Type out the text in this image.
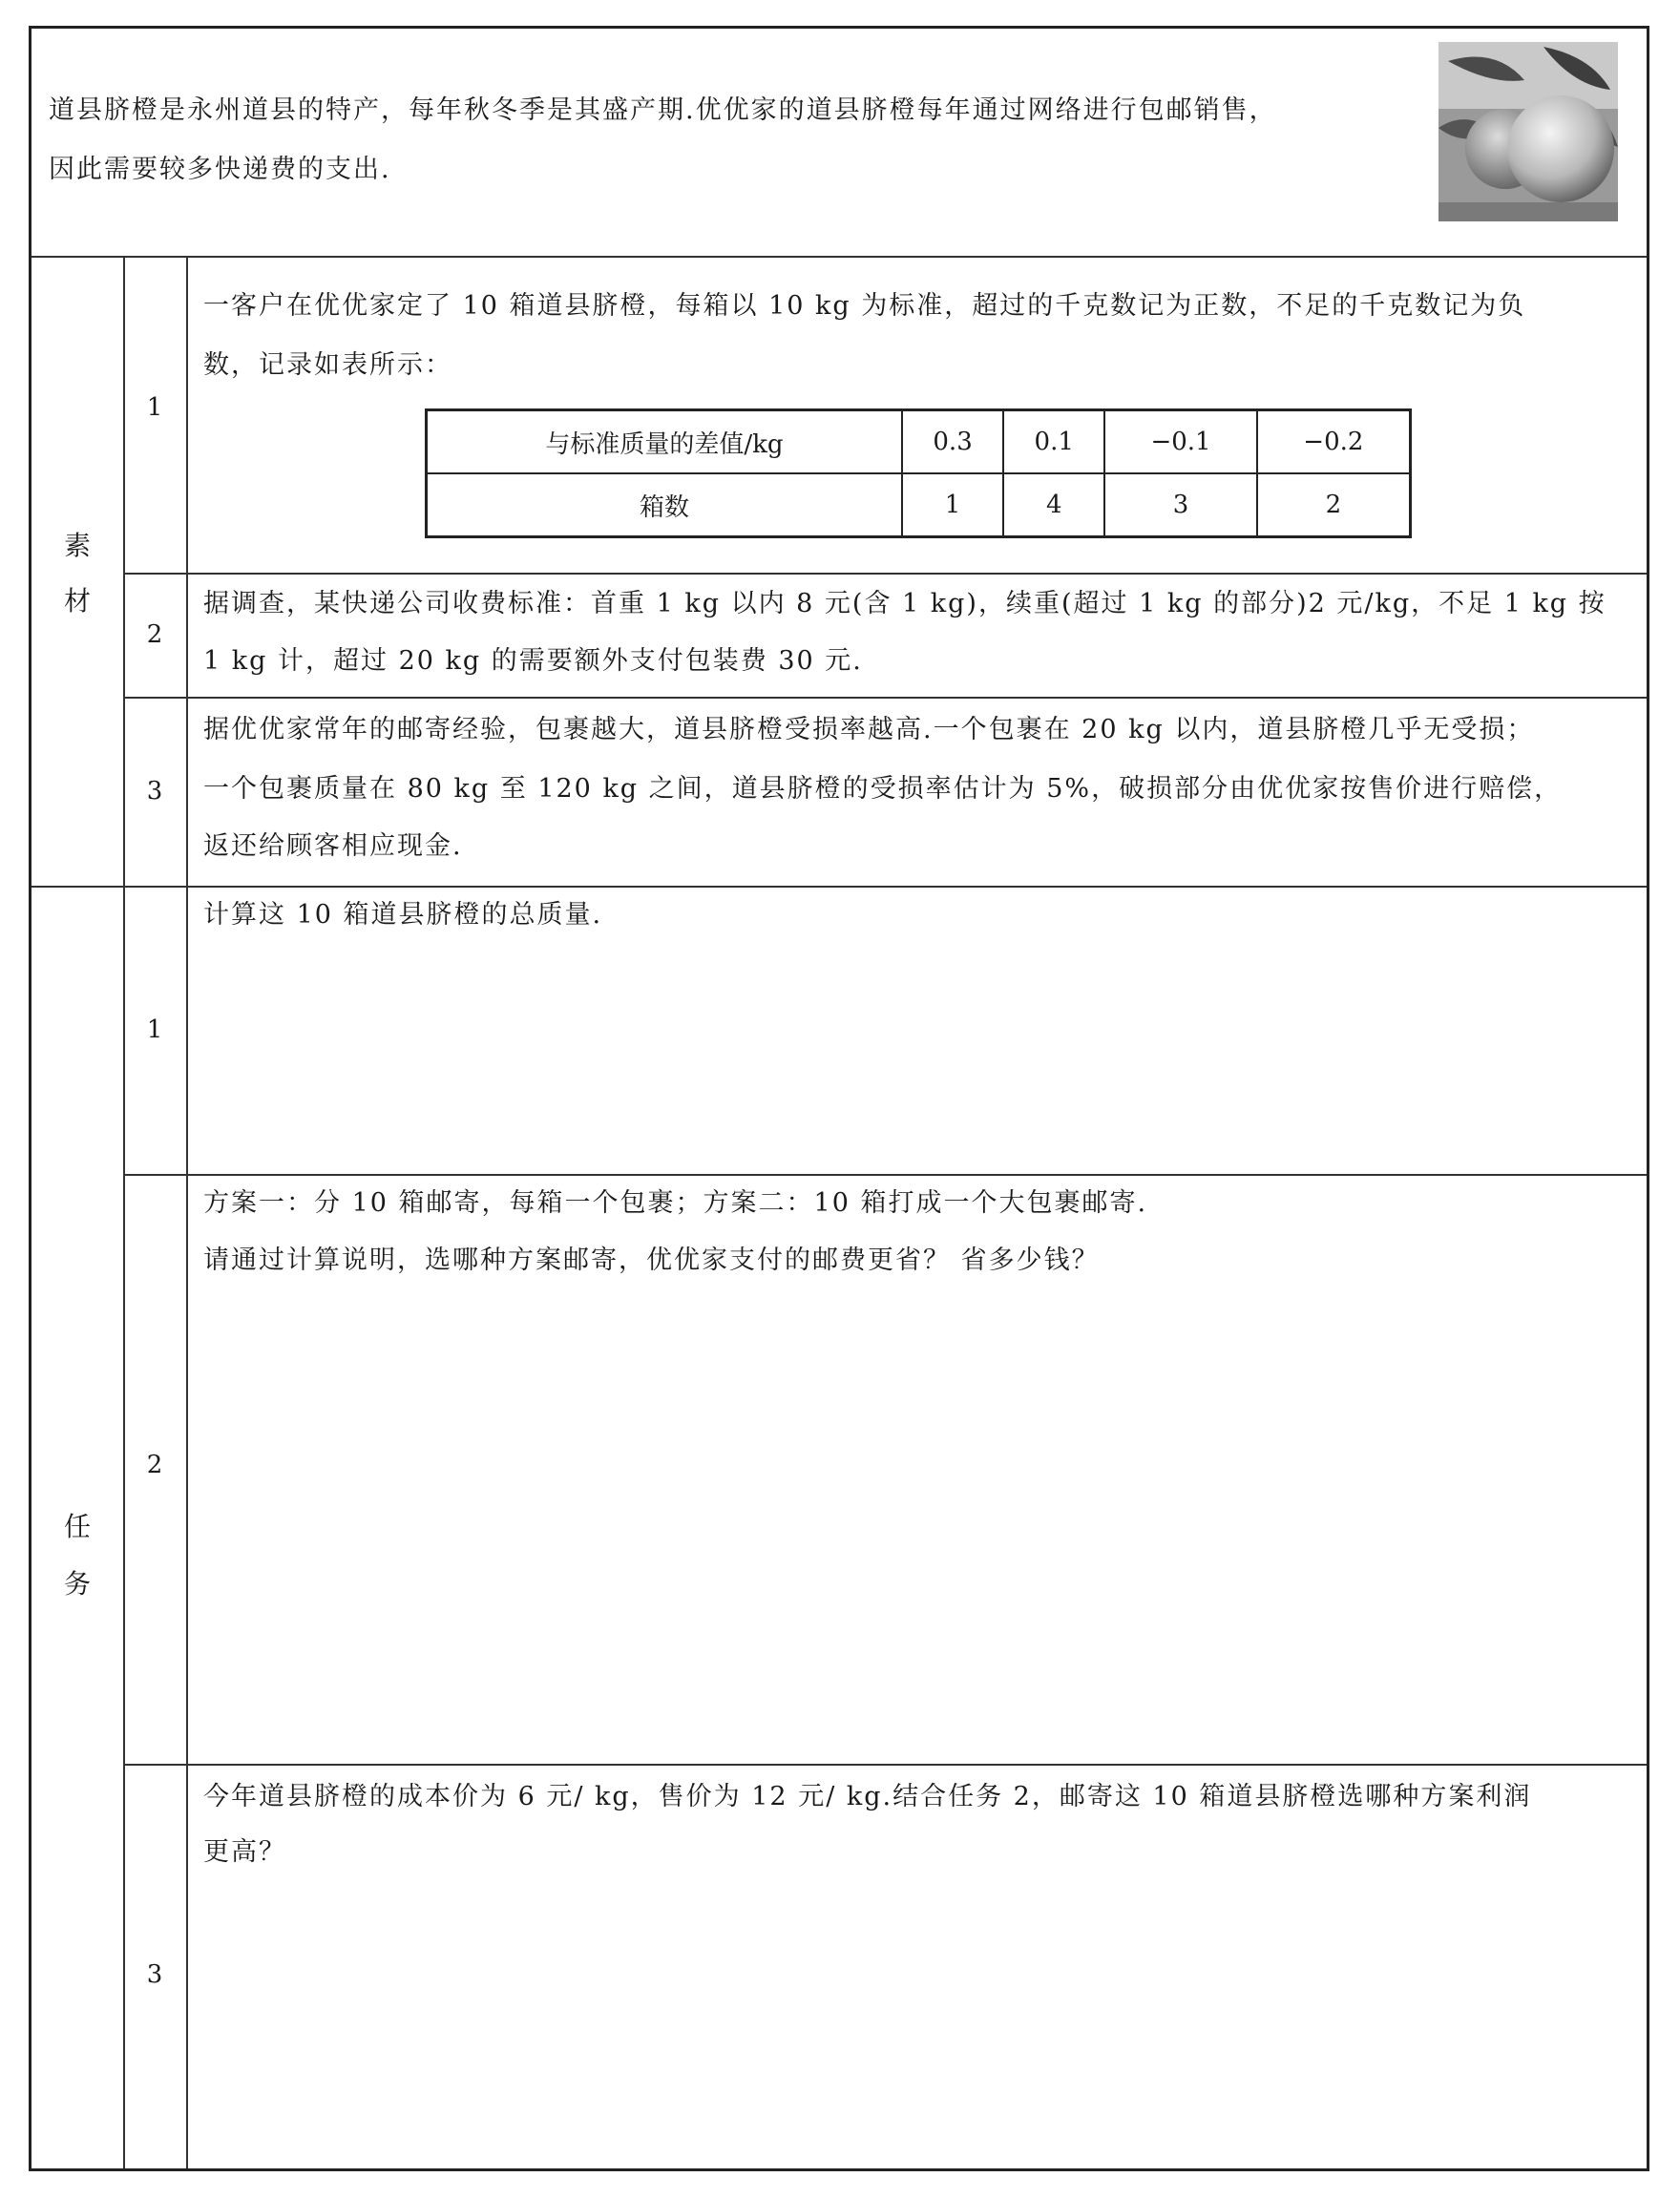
道县脐橙是永州道县的特产，每年秋冬季是其盛产期.优优家的道县脐橙每年通过网络进行包邮销售，
因此需要较多快递费的支出.
素
材
1
一客户在优优家定了 10 箱道县脐橙，每箱以 10 kg 为标准，超过的千克数记为正数，不足的千克数记为负
数，记录如表所示：
与标准质量的差值/kg	0.3	0.1	−0.1	−0.2
箱数	1	4	3	2
2
据调查，某快递公司收费标准：首重 1 kg 以内 8 元(含 1 kg)，续重(超过 1 kg 的部分)2 元/kg，不足 1 kg 按
1 kg 计，超过 20 kg 的需要额外支付包装费 30 元.
3
据优优家常年的邮寄经验，包裹越大，道县脐橙受损率越高.一个包裹在 20 kg 以内，道县脐橙几乎无受损；
一个包裹质量在 80 kg 至 120 kg 之间，道县脐橙的受损率估计为 5%，破损部分由优优家按售价进行赔偿，
返还给顾客相应现金.
任
务
1
计算这 10 箱道县脐橙的总质量.
2
方案一：分 10 箱邮寄，每箱一个包裹；方案二：10 箱打成一个大包裹邮寄.
请通过计算说明，选哪种方案邮寄，优优家支付的邮费更省？ 省多少钱？
3
今年道县脐橙的成本价为 6 元/ kg，售价为 12 元/ kg.结合任务 2，邮寄这 10 箱道县脐橙选哪种方案利润
更高？
